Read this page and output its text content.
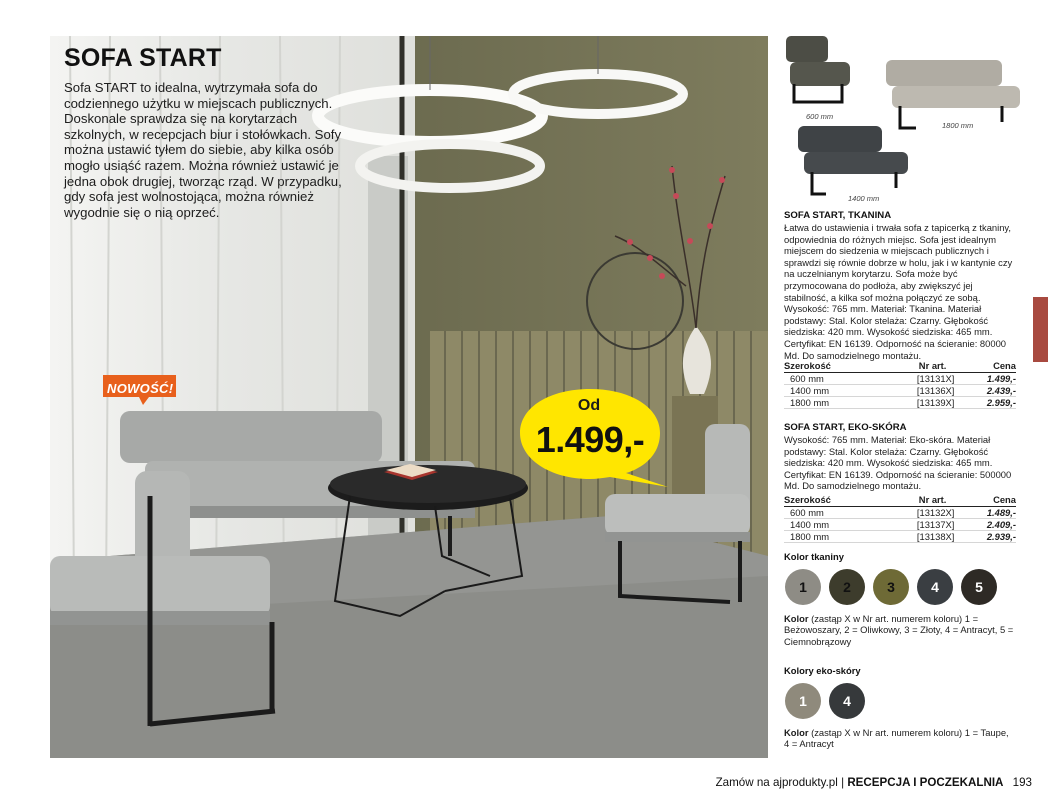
SOFA START
Sofa START to idealna, wytrzymała sofa do codziennego użytku w miejscach publicznych. Doskonale sprawdza się na korytarzach szkolnych, w recepcjach biur i stołówkach. Sofy można ustawić tyłem do siebie, aby kilka osób mogło usiąść razem. Można również ustawić je jedna obok drugiej, tworząc rząd. W przypadku, gdy sofa jest wolnostojąca, można również wygodnie się o nią oprzeć.
NOWOŚĆ!
Od
1.499,-
600 mm
1800 mm
1400 mm
SOFA START, TKANINA
Łatwa do ustawienia i trwała sofa z tapicerką z tkaniny, odpowiednia do różnych miejsc. Sofa jest idealnym miejscem do siedzenia w miejscach publicznych i sprawdzi się równie dobrze w holu, jak i w kantynie czy na uczelnianym korytarzu. Sofa może być przymocowana do podłoża, aby zwiększyć jej stabilność, a kilka sof można połączyć ze sobą. Wysokość: 765 mm. Materiał: Tkanina. Materiał podstawy: Stal. Kolor stelaża: Czarny. Głębokość siedziska: 420 mm. Wysokość siedziska: 465 mm. Certyfikat: EN 16139. Odporność na ścieranie: 80000 Md. Do samodzielnego montażu.
Szerokość	Nr art.	Cena
600 mm	[13131X]	1.499,-
1400 mm	[13136X]	2.439,-
1800 mm	[13139X]	2.959,-
SOFA START, EKO-SKÓRA
Wysokość: 765 mm. Materiał: Eko-skóra. Materiał podstawy: Stal. Kolor stelaża: Czarny. Głębokość siedziska: 420 mm. Wysokość siedziska: 465 mm. Certyfikat: EN 16139. Odporność na ścieranie: 500000 Md. Do samodzielnego montażu.
Szerokość	Nr art.	Cena
600 mm	[13132X]	1.489,-
1400 mm	[13137X]	2.409,-
1800 mm	[13138X]	2.939,-
Kolor tkaniny
1	2	3	4	5
Kolor (zastąp X w Nr art. numerem koloru) 1 = Beżowoszary, 2 = Oliwkowy, 3 = Złoty, 4 = Antracyt, 5 = Ciemnobrązowy
Kolory eko-skóry
1	4
Kolor (zastąp X w Nr art. numerem koloru) 1 = Taupe, 4 = Antracyt
Zamów na ajprodukty.pl | RECEPCJA I POCZEKALNIA 193
